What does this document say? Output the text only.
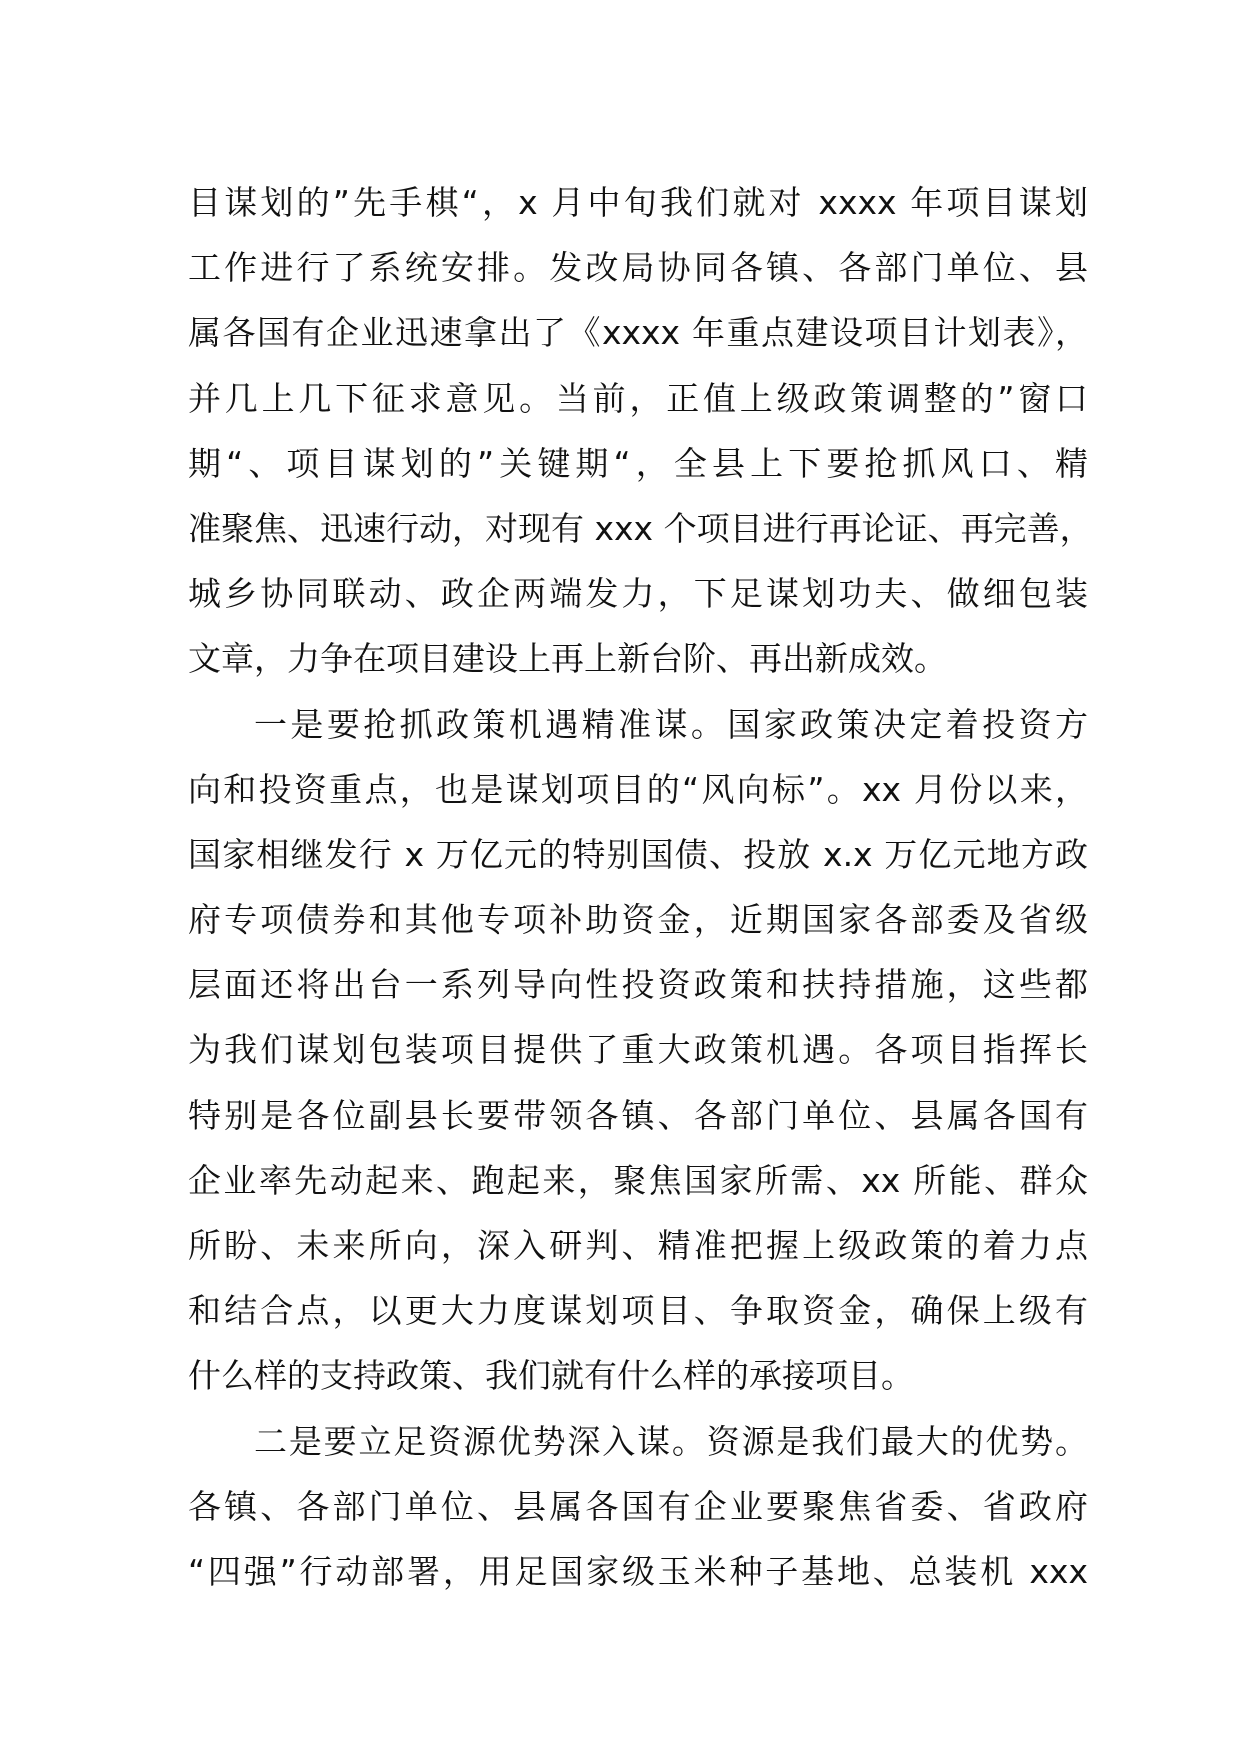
目谋划的”先手棋“，x 月中旬我们就对 xxxx 年项目谋划
工作进行了系统安排。发改局协同各镇、各部门单位、县
属各国有企业迅速拿出了《xxxx 年重点建设项目计划表》，
并几上几下征求意见。当前，正值上级政策调整的”窗口
期“、项目谋划的”关键期“，全县上下要抢抓风口、精
准聚焦、迅速行动，对现有 xxx 个项目进行再论证、再完善，
城乡协同联动、政企两端发力，下足谋划功夫、做细包装
文章，力争在项目建设上再上新台阶、再出新成效。
一是要抢抓政策机遇精准谋。国家政策决定着投资方
向和投资重点，也是谋划项目的“风向标”。xx 月份以来，
国家相继发行 x 万亿元的特别国债、投放 x.x 万亿元地方政
府专项债券和其他专项补助资金，近期国家各部委及省级
层面还将出台一系列导向性投资政策和扶持措施，这些都
为我们谋划包装项目提供了重大政策机遇。各项目指挥长
特别是各位副县长要带领各镇、各部门单位、县属各国有
企业率先动起来、跑起来，聚焦国家所需、xx 所能、群众
所盼、未来所向，深入研判、精准把握上级政策的着力点
和结合点，以更大力度谋划项目、争取资金，确保上级有
什么样的支持政策、我们就有什么样的承接项目。
二是要立足资源优势深入谋。资源是我们最大的优势。
各镇、各部门单位、县属各国有企业要聚焦省委、省政府
“四强”行动部署，用足国家级玉米种子基地、总装机 xxx
